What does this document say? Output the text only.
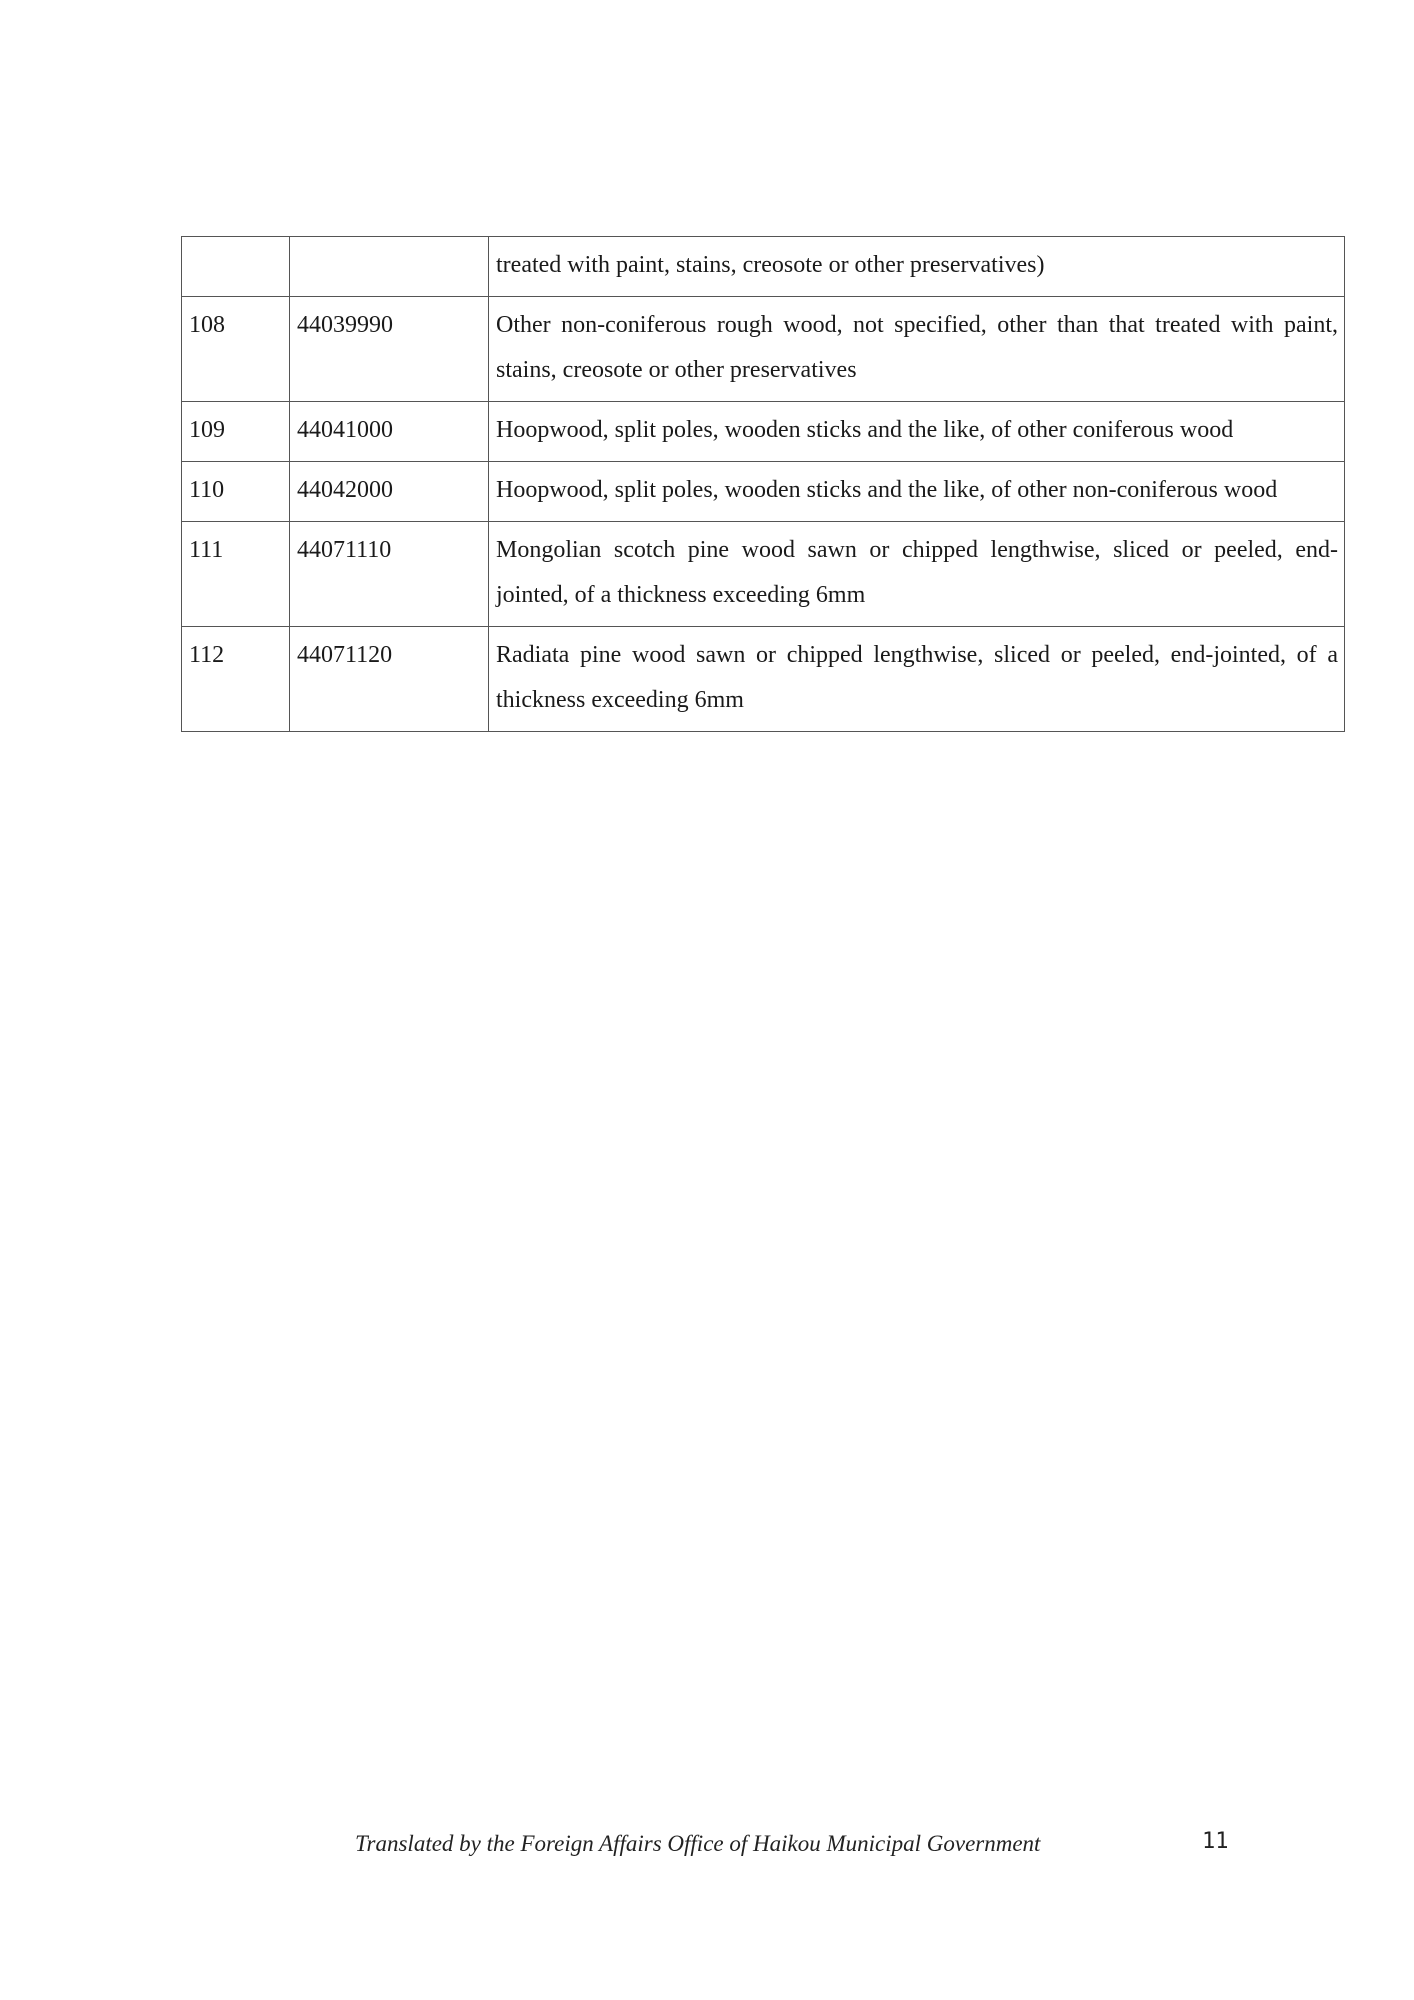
		treated with paint, stains, creosote or other preservatives)
108	44039990	Other non-coniferous rough wood, not specified, other than that treated with paint, stains, creosote or other preservatives
109	44041000	Hoopwood, split poles, wooden sticks and the like, of other coniferous wood
110	44042000	Hoopwood, split poles, wooden sticks and the like, of other non-coniferous wood
111	44071110	Mongolian scotch pine wood sawn or chipped lengthwise, sliced or peeled, end-jointed, of a thickness exceeding 6mm
112	44071120	Radiata pine wood sawn or chipped lengthwise, sliced or peeled, end-jointed, of a thickness exceeding 6mm
Translated by the Foreign Affairs Office of Haikou Municipal Government	11
